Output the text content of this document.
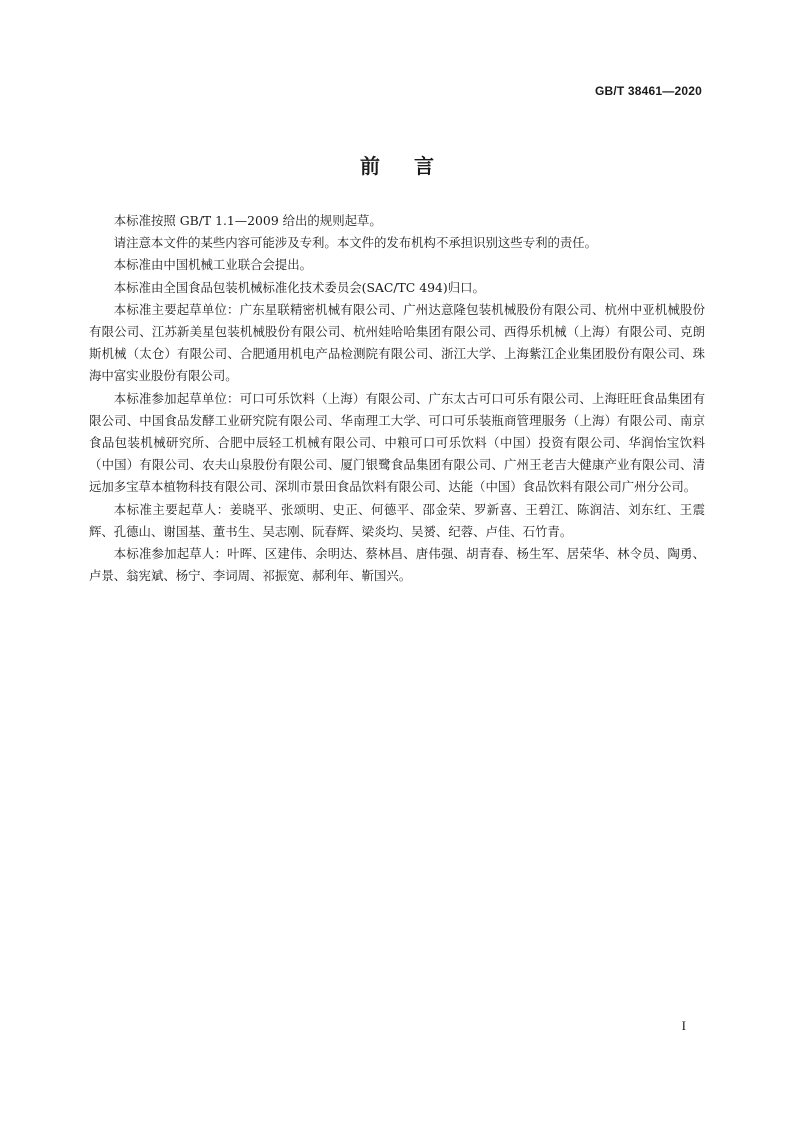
GB/T 38461—2020
前言

本标准按照 GB/T 1.1—2009 给出的规则起草。

请注意本文件的某些内容可能涉及专利。本文件的发布机构不承担识别这些专利的责任。

本标准由中国机械工业联合会提出。

本标准由全国食品包装机械标准化技术委员会(SAC/TC 494)归口。

本标准主要起草单位：广东星联精密机械有限公司、广州达意隆包装机械股份有限公司、杭州中亚机械股份有限公司、江苏新美星包装机械股份有限公司、杭州娃哈哈集团有限公司、西得乐机械（上海）有限公司、克朗斯机械（太仓）有限公司、合肥通用机电产品检测院有限公司、浙江大学、上海紫江企业集团股份有限公司、珠海中富实业股份有限公司。

本标准参加起草单位：可口可乐饮料（上海）有限公司、广东太古可口可乐有限公司、上海旺旺食品集团有限公司、中国食品发酵工业研究院有限公司、华南理工大学、可口可乐装瓶商管理服务（上海）有限公司、南京食品包装机械研究所、合肥中辰轻工机械有限公司、中粮可口可乐饮料（中国）投资有限公司、华润怡宝饮料（中国）有限公司、农夫山泉股份有限公司、厦门银鹭食品集团有限公司、广州王老吉大健康产业有限公司、清远加多宝草本植物科技有限公司、深圳市景田食品饮料有限公司、达能（中国）食品饮料有限公司广州分公司。

本标准主要起草人：姜晓平、张颂明、史正、何德平、邵金荣、罗新喜、王碧江、陈润洁、刘东红、王震辉、孔德山、谢国基、董书生、吴志刚、阮春辉、梁炎均、吴赟、纪蓉、卢佳、石竹青。

本标准参加起草人：叶晖、区建伟、余明达、蔡林昌、唐伟强、胡青春、杨生军、居荣华、林令员、陶勇、卢景、翁宪斌、杨宁、李词周、祁振宽、郝利年、靳国兴。

I
